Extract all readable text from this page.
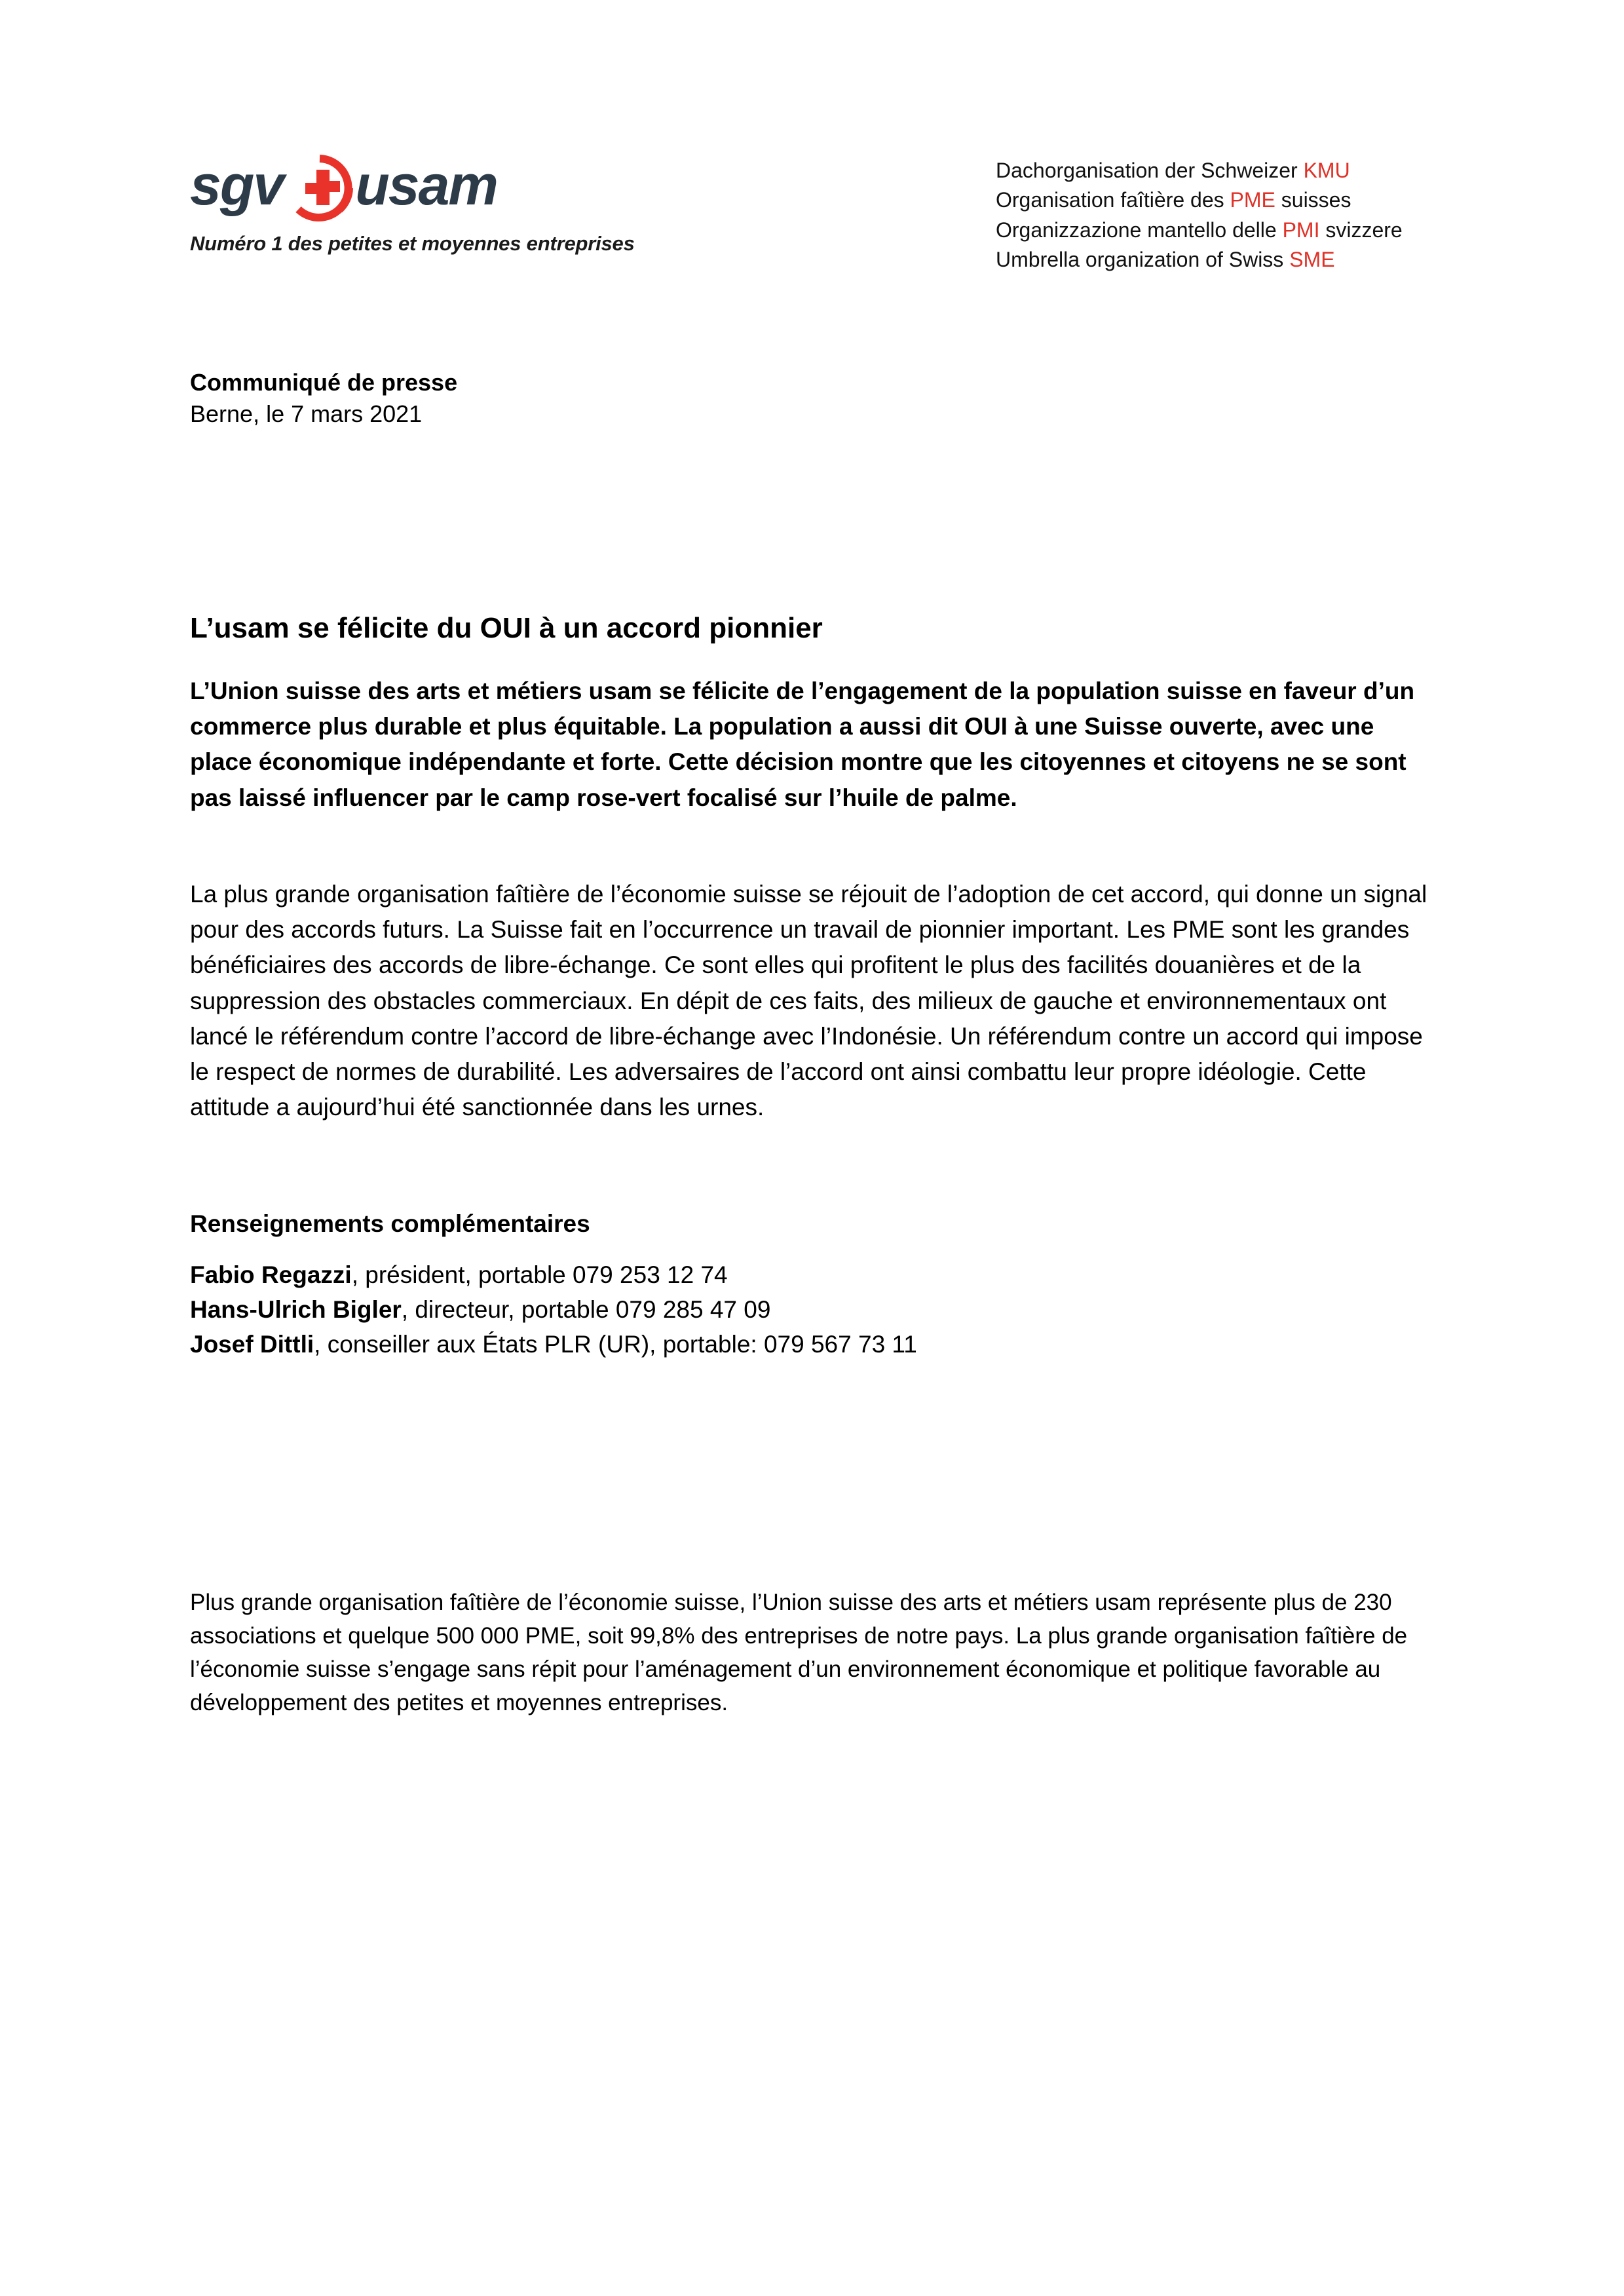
sgv usam
Numéro 1 des petites et moyennes entreprises
Dachorganisation der Schweizer KMU
Organisation faîtière des PME suisses
Organizzazione mantello delle PMI svizzere
Umbrella organization of Swiss SME

Communiqué de presse

Berne, le 7 mars 2021

L’usam se félicite du OUI à un accord pionnier

L’Union suisse des arts et métiers usam se félicite de l’engagement de la population suisse en faveur d’un commerce plus durable et plus équitable. La population a aussi dit OUI à une Suisse ouverte, avec une place économique indépendante et forte. Cette décision montre que les citoyennes et citoyens ne se sont pas laissé influencer par le camp rose-vert focalisé sur l’huile de palme.

La plus grande organisation faîtière de l’économie suisse se réjouit de l’adoption de cet accord, qui donne un signal pour des accords futurs. La Suisse fait en l’occurrence un travail de pionnier important. Les PME sont les grandes bénéficiaires des accords de libre-échange. Ce sont elles qui profitent le plus des facilités douanières et de la suppression des obstacles commerciaux. En dépit de ces faits, des milieux de gauche et environnementaux ont lancé le référendum contre l’accord de libre-échange avec l’Indonésie. Un référendum contre un accord qui impose le respect de normes de durabilité. Les adversaires de l’accord ont ainsi combattu leur propre idéologie. Cette attitude a aujourd’hui été sanctionnée dans les urnes.

Renseignements complémentaires
Fabio Regazzi, président, portable 079 253 12 74
Hans-Ulrich Bigler, directeur, portable 079 285 47 09
Josef Dittli, conseiller aux États PLR (UR), portable: 079 567 73 11

Plus grande organisation faîtière de l’économie suisse, l’Union suisse des arts et métiers usam représente plus de 230 associations et quelque 500 000 PME, soit 99,8% des entreprises de notre pays. La plus grande organisation faîtière de l’économie suisse s’engage sans répit pour l’aménagement d’un environnement économique et politique favorable au développement des petites et moyennes entreprises.
